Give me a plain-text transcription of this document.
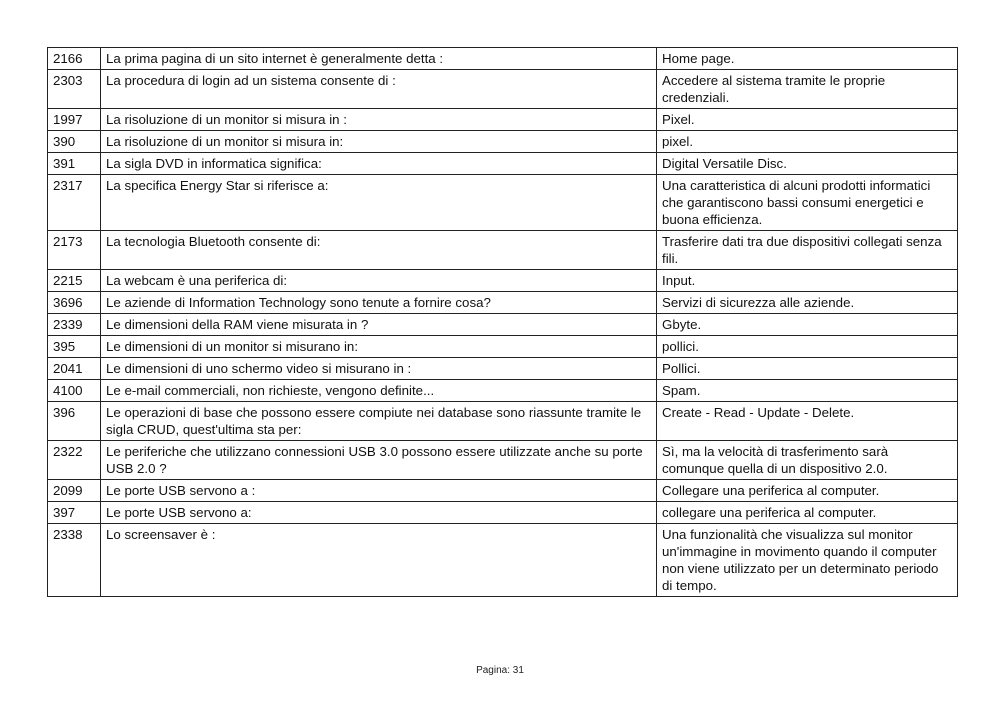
2166	La prima pagina di un sito internet è generalmente detta :	Home page.
2303	La procedura di login ad un sistema consente di :	Accedere al sistema tramite le proprie credenziali.
1997	La risoluzione di un monitor si misura in :	Pixel.
390	La risoluzione di un monitor si misura in:	pixel.
391	La sigla DVD in informatica significa:	Digital Versatile Disc.
2317	La specifica Energy Star si riferisce a:	Una caratteristica di alcuni prodotti informatici che garantiscono bassi consumi energetici e buona efficienza.
2173	La tecnologia Bluetooth consente di:	Trasferire dati tra due dispositivi collegati senza fili.
2215	La webcam è una periferica di:	Input.
3696	Le aziende di Information Technology sono tenute a fornire cosa?	Servizi di sicurezza alle aziende.
2339	Le dimensioni della RAM viene misurata in ?	Gbyte.
395	Le dimensioni di un monitor si misurano in:	pollici.
2041	Le dimensioni di uno schermo video si misurano in :	Pollici.
4100	Le e-mail commerciali, non richieste, vengono definite...	Spam.
396	Le operazioni di base che possono essere compiute nei database sono riassunte tramite le sigla CRUD, quest'ultima sta per:	Create - Read - Update - Delete.
2322	Le periferiche che utilizzano connessioni USB 3.0 possono essere utilizzate anche su porte USB 2.0 ?	Sì, ma la velocità di trasferimento sarà comunque quella di un dispositivo 2.0.
2099	Le porte USB servono a :	Collegare una periferica al computer.
397	Le porte USB servono a:	collegare una periferica al computer.
2338	Lo screensaver è :	Una funzionalità che visualizza sul monitor un'immagine in movimento quando il computer non viene utilizzato per un determinato periodo di tempo.
Pagina: 31
